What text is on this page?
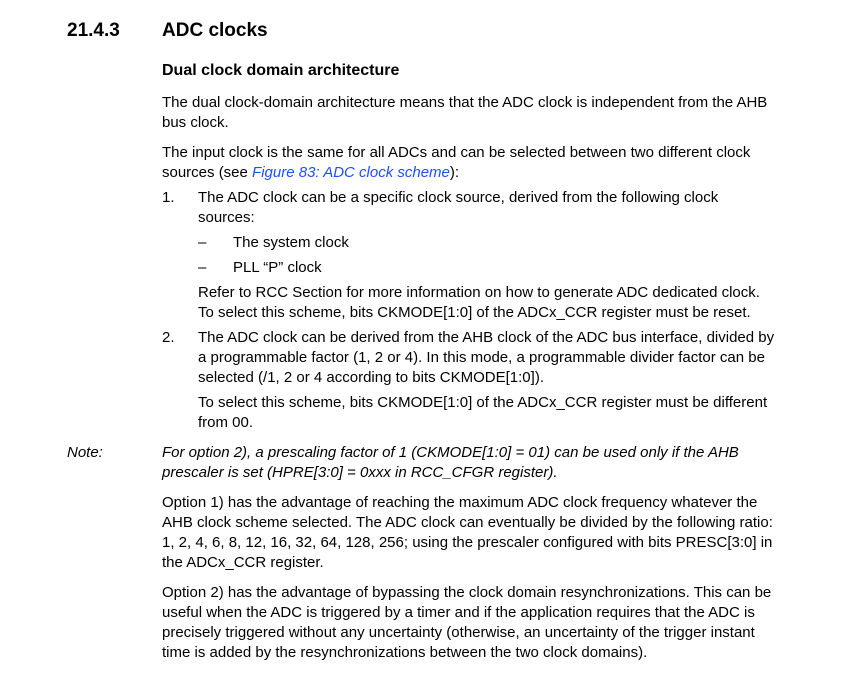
21.4.3 ADC clocks
Dual clock domain architecture
The dual clock-domain architecture means that the ADC clock is independent from the AHB
bus clock.
The input clock is the same for all ADCs and can be selected between two different clock
sources (see Figure 83: ADC clock scheme):
1. The ADC clock can be a specific clock source, derived from the following clock
sources:
– The system clock
– PLL “P” clock
Refer to RCC Section for more information on how to generate ADC dedicated clock.
To select this scheme, bits CKMODE[1:0] of the ADCx_CCR register must be reset.
2. The ADC clock can be derived from the AHB clock of the ADC bus interface, divided by
a programmable factor (1, 2 or 4). In this mode, a programmable divider factor can be
selected (/1, 2 or 4 according to bits CKMODE[1:0]).
To select this scheme, bits CKMODE[1:0] of the ADCx_CCR register must be different
from 00.
Note:	For option 2), a prescaling factor of 1 (CKMODE[1:0] = 01) can be used only if the AHB
prescaler is set (HPRE[3:0] = 0xxx in RCC_CFGR register).
Option 1) has the advantage of reaching the maximum ADC clock frequency whatever the
AHB clock scheme selected. The ADC clock can eventually be divided by the following ratio:
1, 2, 4, 6, 8, 12, 16, 32, 64, 128, 256; using the prescaler configured with bits PRESC[3:0] in
the ADCx_CCR register.
Option 2) has the advantage of bypassing the clock domain resynchronizations. This can be
useful when the ADC is triggered by a timer and if the application requires that the ADC is
precisely triggered without any uncertainty (otherwise, an uncertainty of the trigger instant
time is added by the resynchronizations between the two clock domains).
